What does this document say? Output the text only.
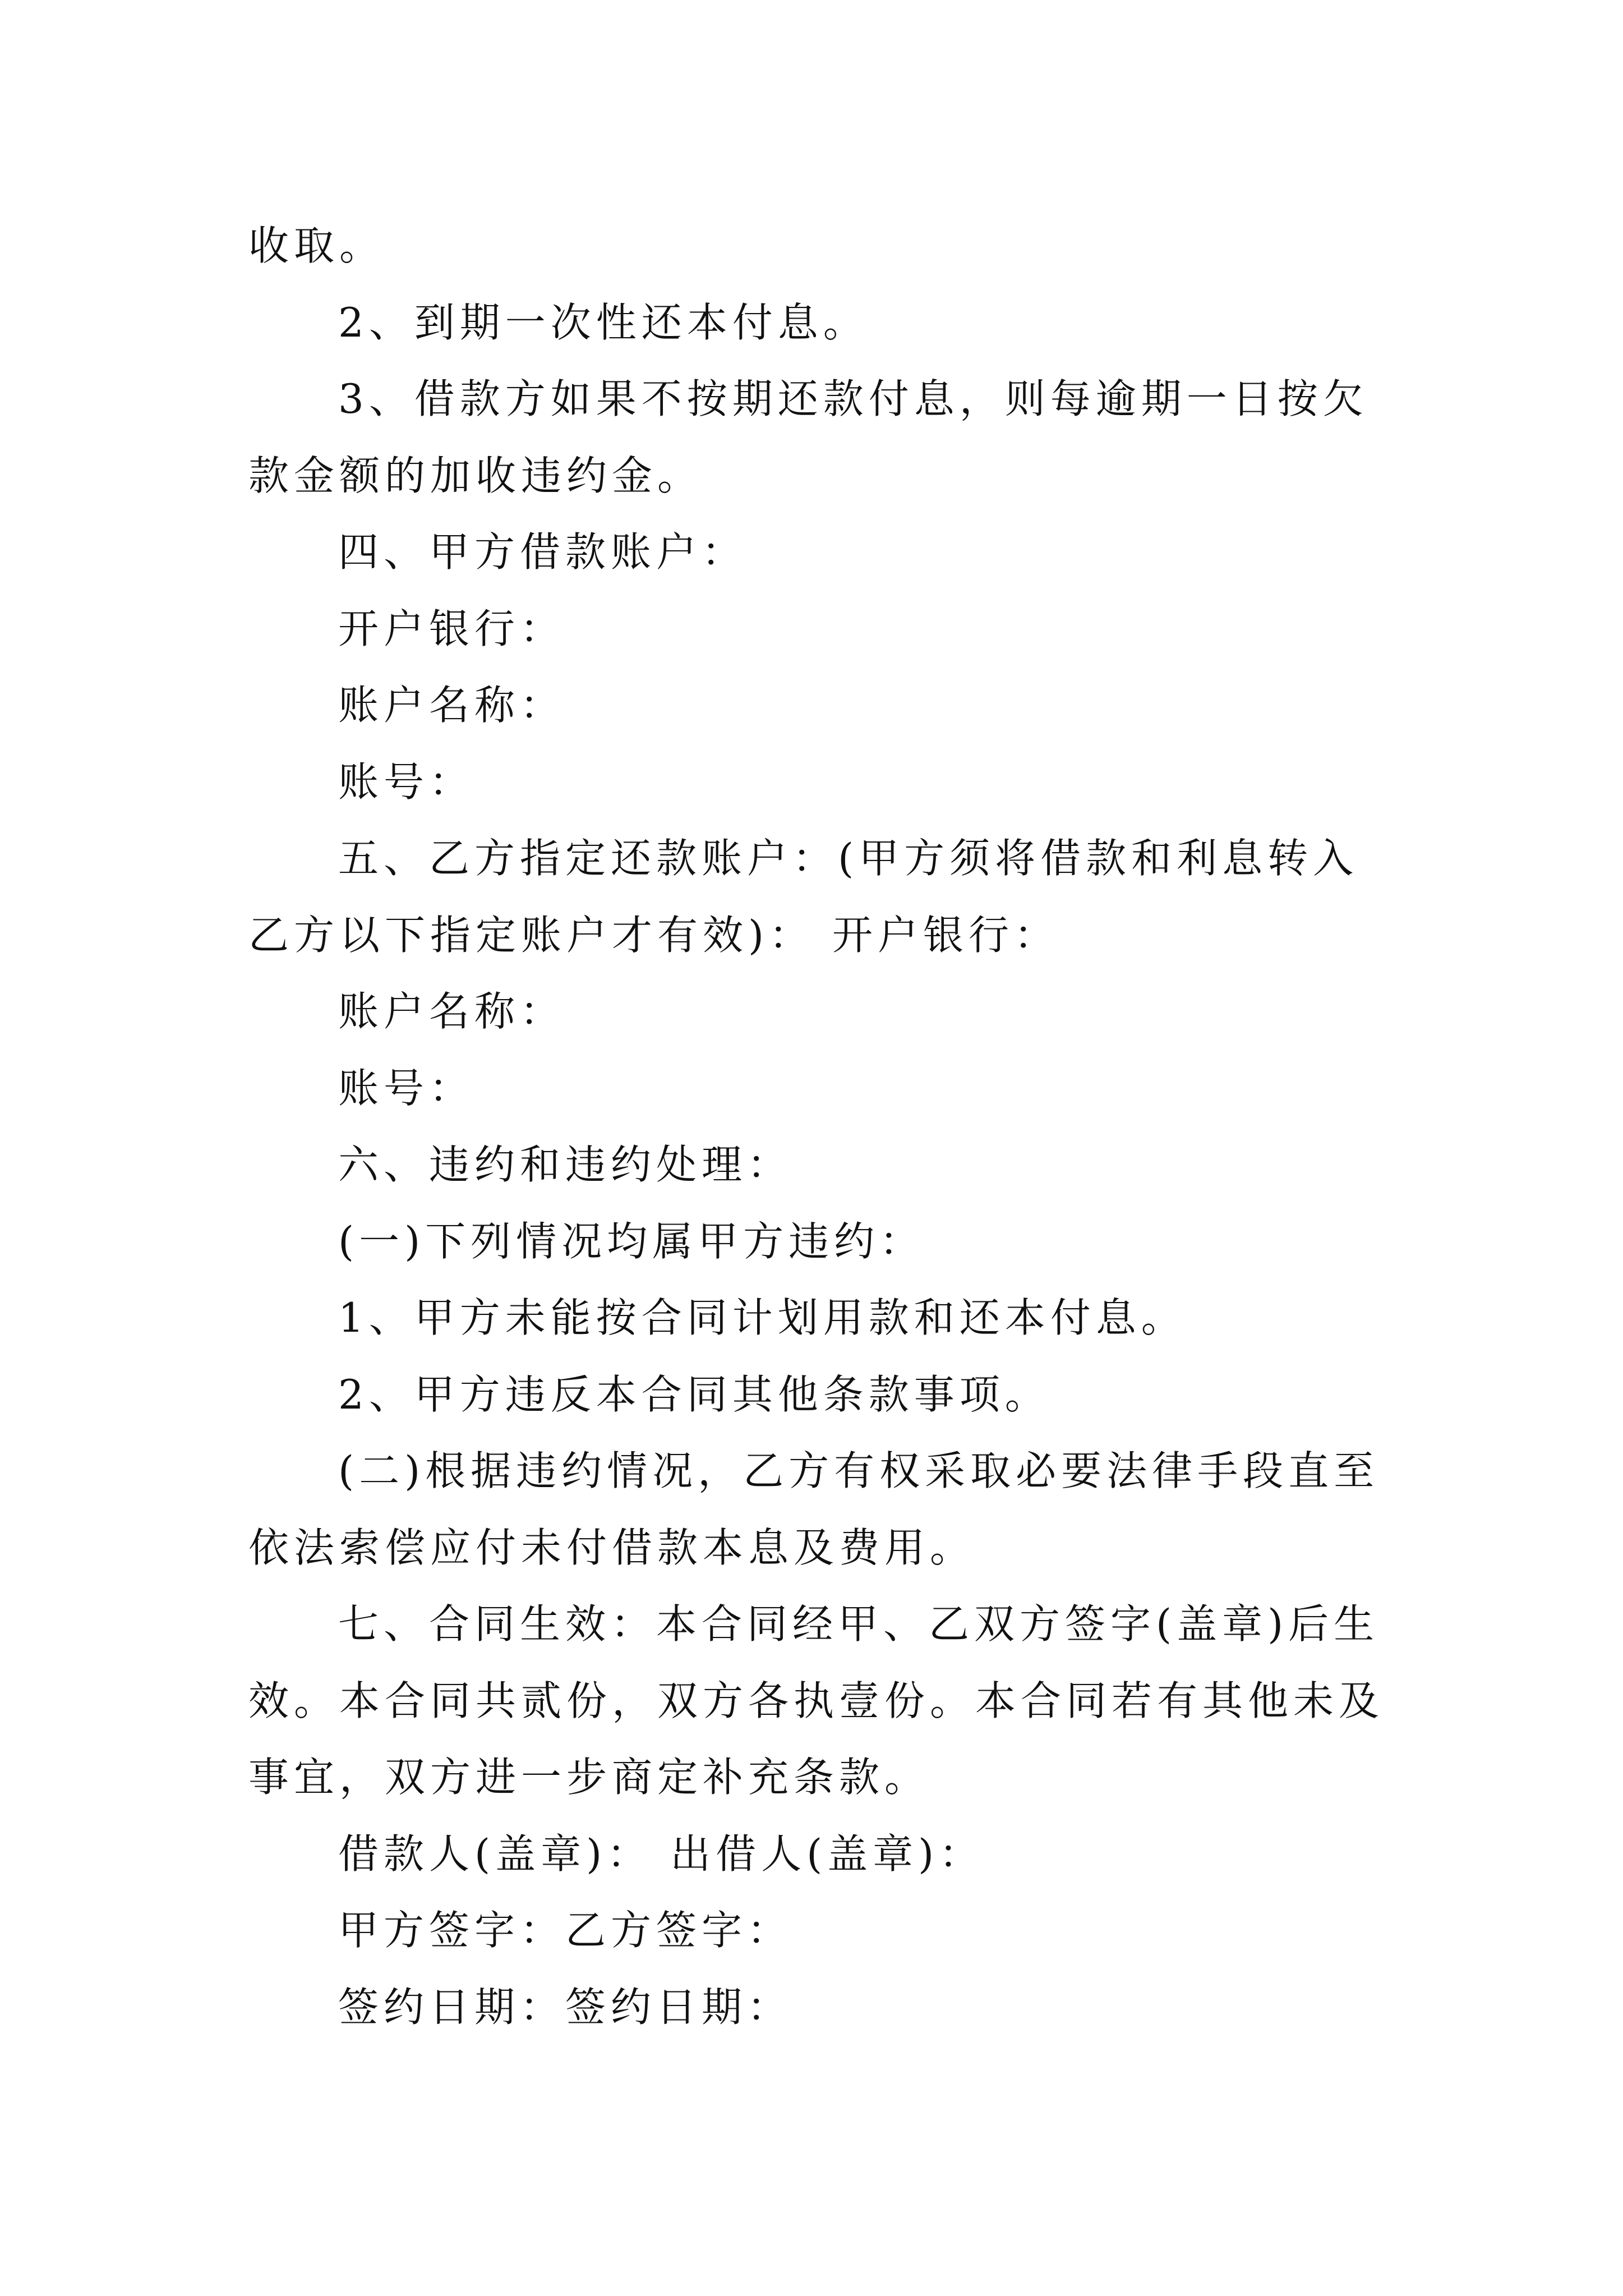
收取。

2、到期一次性还本付息。

3、借款方如果不按期还款付息，则每逾期一日按欠款金额的加收违约金。

四、甲方借款账户：

开户银行：

账户名称：

账号：

五、乙方指定还款账户：(甲方须将借款和利息转入乙方以下指定账户才有效)： 开户银行：

账户名称：

账号：

六、违约和违约处理：

(一)下列情况均属甲方违约：

1、甲方未能按合同计划用款和还本付息。

2、甲方违反本合同其他条款事项。

(二)根据违约情况，乙方有权采取必要法律手段直至依法索偿应付未付借款本息及费用。

七、合同生效：本合同经甲、乙双方签字(盖章)后生效。本合同共贰份，双方各执壹份。本合同若有其他未及事宜，双方进一步商定补充条款。

借款人(盖章)： 出借人(盖章)：

甲方签字：乙方签字：

签约日期：签约日期：
